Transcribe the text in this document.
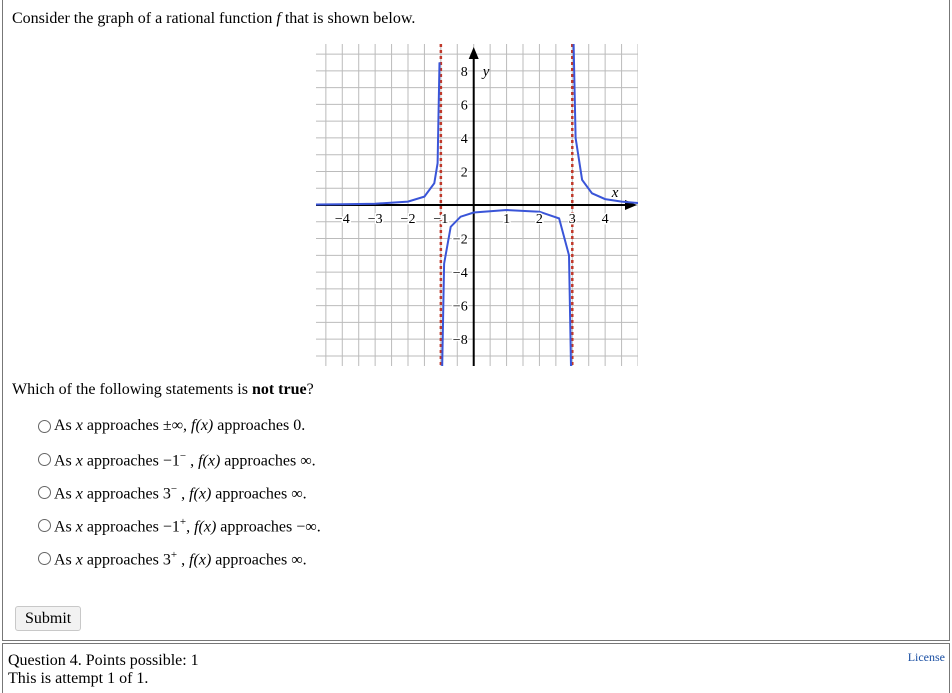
Consider the graph of a rational function f that is shown below.
−4 −3 −2 −1	1 2 3 4
8
6
4
2
−2
−4
−6
−8
x
y
Which of the following statements is not true?
As x approaches ±∞, f(x) approaches 0.
As x approaches −1− , f(x) approaches ∞.
As x approaches 3− , f(x) approaches ∞.
As x approaches −1+, f(x) approaches −∞.
As x approaches 3+ , f(x) approaches ∞.
Submit
Question 4. Points possible: 1
This is attempt 1 of 1.
License
